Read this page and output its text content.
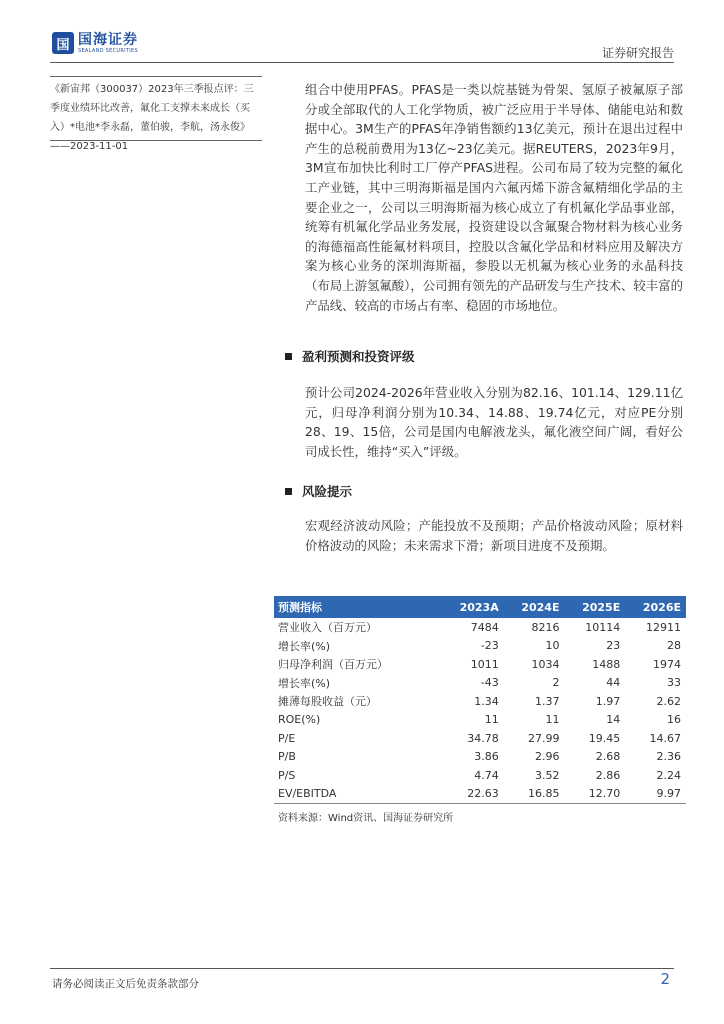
国 国海证券
SEALAND SECURITIES	证券研究报告
《新宙邦（300037）2023年三季报点评：三季度业绩环比改善，氟化工支撑未来成长（买入）*电池*李永磊，董伯骏，李航，汤永俊》——2023-11-01
组合中使用PFAS。PFAS是一类以烷基链为骨架、氢原子被氟原子部分或全部取代的人工化学物质，被广泛应用于半导体、储能电站和数据中心。3M生产的PFAS年净销售额约13亿美元，预计在退出过程中产生的总税前费用为13亿~23亿美元。据REUTERS，2023年9月，3M宣布加快比利时工厂停产PFAS进程。公司布局了较为完整的氟化工产业链，其中三明海斯福是国内六氟丙烯下游含氟精细化学品的主要企业之一，公司以三明海斯福为核心成立了有机氟化学品事业部，统筹有机氟化学品业务发展，投资建设以含氟聚合物材料为核心业务的海德福高性能氟材料项目，控股以含氟化学品和材料应用及解决方案为核心业务的深圳海斯福，参股以无机氟为核心业务的永晶科技（布局上游氢氟酸），公司拥有领先的产品研发与生产技术、较丰富的产品线、较高的市场占有率、稳固的市场地位。
盈利预测和投资评级
预计公司2024-2026年营业收入分别为82.16、101.14、129.11亿元，归母净利润分别为10.34、14.88、19.74亿元，对应PE分别28、19、15倍，公司是国内电解液龙头，氟化液空间广阔，看好公司成长性，维持“买入”评级。
风险提示
宏观经济波动风险；产能投放不及预期；产品价格波动风险；原材料价格波动的风险；未来需求下滑；新项目进度不及预期。
预测指标	2023A	2024E	2025E	2026E
营业收入（百万元）	7484	8216	10114	12911
增长率(%)	-23	10	23	28
归母净利润（百万元）	1011	1034	1488	1974
增长率(%)	-43	2	44	33
摊薄每股收益（元）	1.34	1.37	1.97	2.62
ROE(%)	11	11	14	16
P/E	34.78	27.99	19.45	14.67
P/B	3.86	2.96	2.68	2.36
P/S	4.74	3.52	2.86	2.24
EV/EBITDA	22.63	16.85	12.70	9.97
资料来源：Wind资讯、国海证券研究所
请务必阅读正文后免责条款部分	2
